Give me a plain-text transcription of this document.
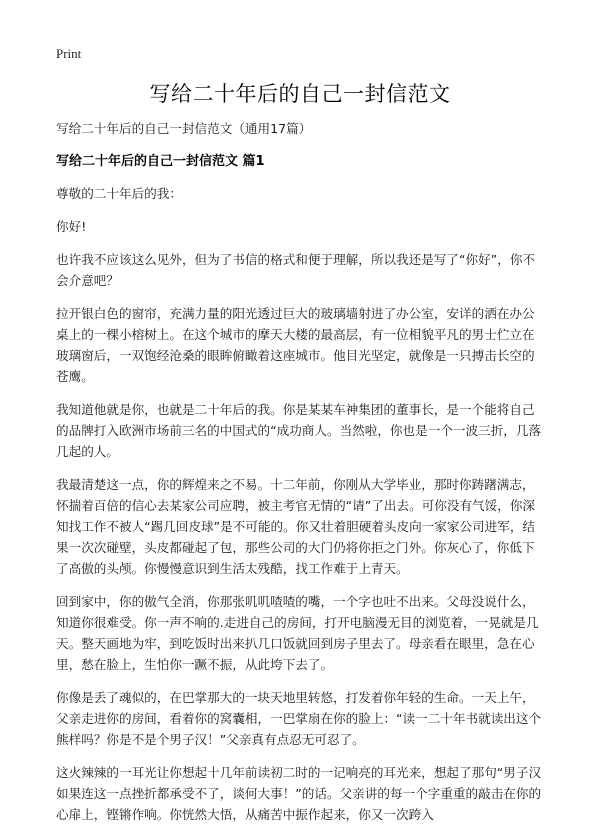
Print
写给二十年后的自己一封信范文

写给二十年后的自己一封信范文（通用17篇）

写给二十年后的自己一封信范文 篇1

尊敬的二十年后的我：

你好!

也许我不应该这么见外，但为了书信的格式和便于理解，所以我还是写了“你好”，你不会介意吧？

拉开银白色的窗帘，充满力量的阳光透过巨大的玻璃墙射进了办公室，安详的洒在办公桌上的一棵小榕树上。在这个城市的摩天大楼的最高层，有一位相貌平凡的男士伫立在玻璃窗后，一双饱经沧桑的眼眸俯瞰着这座城市。他目光坚定，就像是一只搏击长空的苍鹰。

我知道他就是你，也就是二十年后的我。你是某某车神集团的董事长，是一个能将自己的品牌打入欧洲市场前三名的中国式的“成功商人。当然啦，你也是一个一波三折，几落几起的人。

我最清楚这一点，你的辉煌来之不易。十二年前，你刚从大学毕业，那时你踌躇满志，怀揣着百倍的信心去某家公司应聘，被主考官无情的“请”了出去。可你没有气馁，你深知找工作不被人“踢几回皮球”是不可能的。你又壮着胆硬着头皮向一家家公司进军，结果一次次碰壁，头皮都碰起了包，那些公司的大门仍将你拒之门外。你灰心了，你低下了高傲的头颅。你慢慢意识到生活太残酷，找工作难于上青天。

回到家中，你的傲气全消，你那张叽叽喳喳的嘴，一个字也吐不出来。父母没说什么，知道你很难受。你一声不响的.走进自己的房间，打开电脑漫无目的浏览着，一晃就是几天。整天画地为牢，到吃饭时出来扒几口饭就回到房子里去了。母亲看在眼里，急在心里，愁在脸上，生怕你一蹶不振，从此垮下去了。

你像是丢了魂似的，在巴掌那大的一块天地里转悠，打发着你年轻的生命。一天上午，父亲走进你的房间，看着你的窝囊相，一巴掌扇在你的脸上：“读一二十年书就读出这个熊样吗？你是不是个男子汉！”父亲真有点忍无可忍了。

这火辣辣的一耳光让你想起十几年前读初二时的一记响亮的耳光来，想起了那句“男子汉如果连这一点挫折都承受不了，谈何大事！”的话。父亲讲的每一个字重重的敲击在你的心扉上，铿锵作响。你恍然大悟，从痛苦中振作起来，你又一次跨入
